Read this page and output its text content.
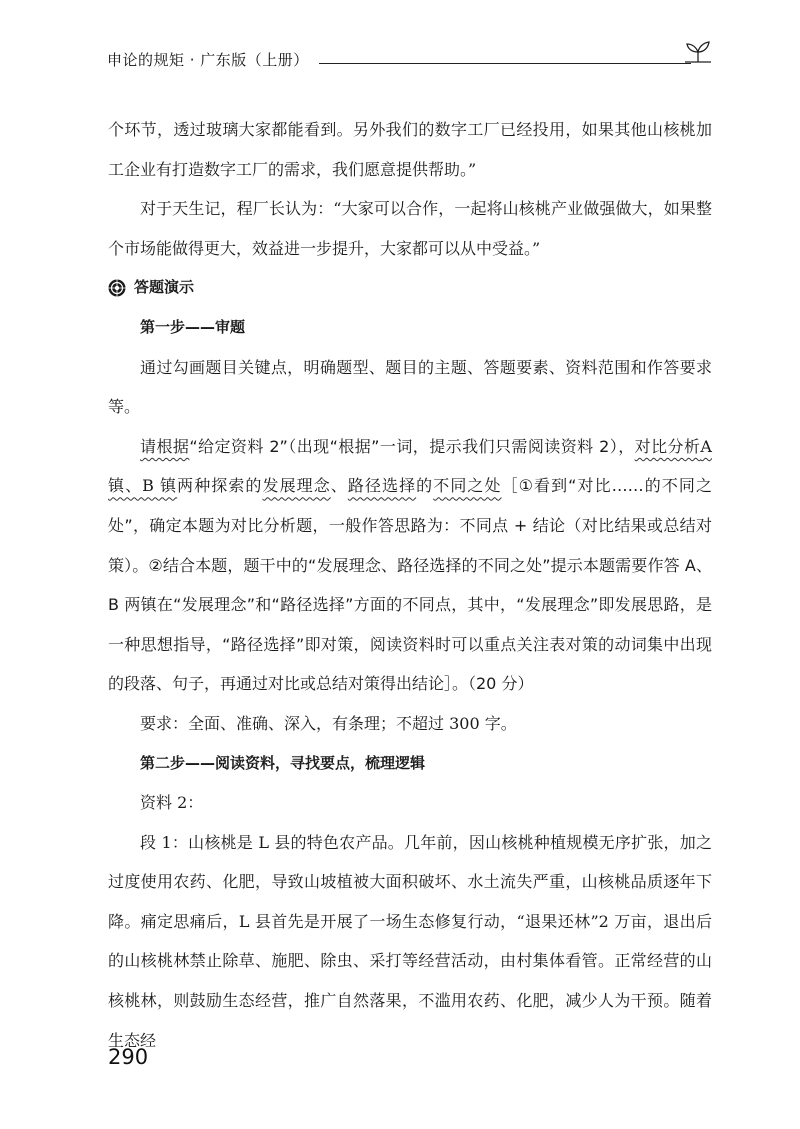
申论的规矩 · 广东版（上册）

个环节，透过玻璃大家都能看到。另外我们的数字工厂已经投用，如果其他山核桃加工企业有打造数字工厂的需求，我们愿意提供帮助。”

对于天生记，程厂长认为：“大家可以合作，一起将山核桃产业做强做大，如果整个市场能做得更大，效益进一步提升，大家都可以从中受益。”

答题演示

第一步——审题

通过勾画题目关键点，明确题型、题目的主题、答题要素、资料范围和作答要求等。

请根据“给定资料 2”（出现“根据”一词，提示我们只需阅读资料 2），对比分析A 镇、B 镇两种探索的发展理念、路径选择的不同之处［①看到“对比……的不同之处”，确定本题为对比分析题，一般作答思路为：不同点 + 结论（对比结果或总结对策）。②结合本题，题干中的“发展理念、路径选择的不同之处”提示本题需要作答 A、B 两镇在“发展理念”和“路径选择”方面的不同点，其中，“发展理念”即发展思路，是一种思想指导，“路径选择”即对策，阅读资料时可以重点关注表对策的动词集中出现的段落、句子，再通过对比或总结对策得出结论］。（20 分）

要求：全面、准确、深入，有条理；不超过 300 字。

第二步——阅读资料，寻找要点，梳理逻辑

资料 2：

段 1：山核桃是 L 县的特色农产品。几年前，因山核桃种植规模无序扩张，加之过度使用农药、化肥，导致山坡植被大面积破坏、水土流失严重，山核桃品质逐年下降。痛定思痛后，L 县首先是开展了一场生态修复行动，“退果还林”2 万亩，退出后的山核桃林禁止除草、施肥、除虫、采打等经营活动，由村集体看管。正常经营的山核桃林，则鼓励生态经营，推广自然落果，不滥用农药、化肥，减少人为干预。随着生态经

290
